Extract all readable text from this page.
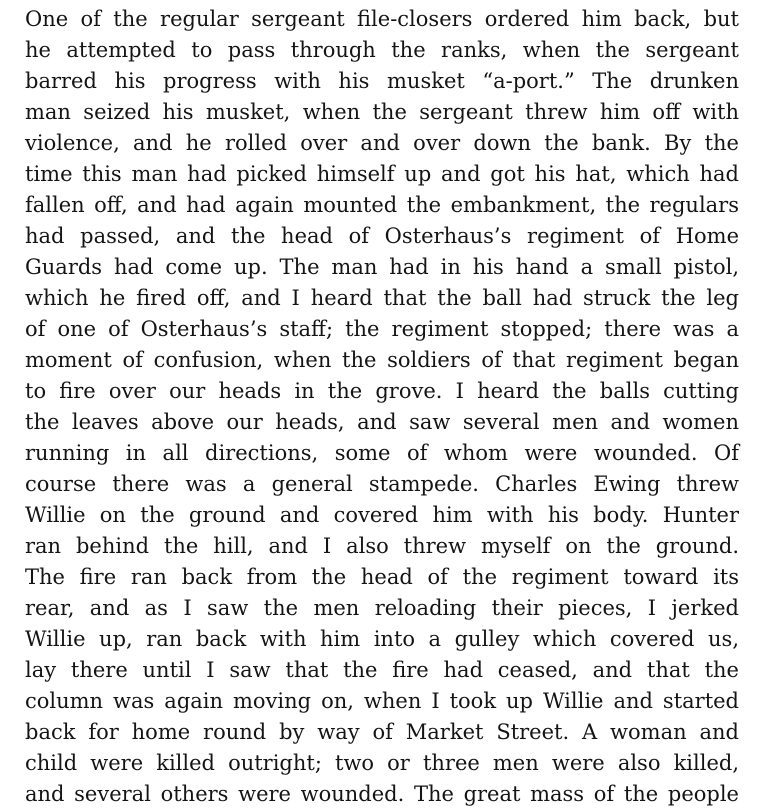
One of the regular sergeant file-closers ordered him back, but
he attempted to pass through the ranks, when the sergeant
barred his progress with his musket “a-port.” The drunken
man seized his musket, when the sergeant threw him off with
violence, and he rolled over and over down the bank. By the
time this man had picked himself up and got his hat, which had
fallen off, and had again mounted the embankment, the regulars
had passed, and the head of Osterhaus’s regiment of Home
Guards had come up. The man had in his hand a small pistol,
which he fired off, and I heard that the ball had struck the leg
of one of Osterhaus’s staff; the regiment stopped; there was a
moment of confusion, when the soldiers of that regiment began
to fire over our heads in the grove. I heard the balls cutting
the leaves above our heads, and saw several men and women
running in all directions, some of whom were wounded. Of
course there was a general stampede. Charles Ewing threw
Willie on the ground and covered him with his body. Hunter
ran behind the hill, and I also threw myself on the ground.
The fire ran back from the head of the regiment toward its
rear, and as I saw the men reloading their pieces, I jerked
Willie up, ran back with him into a gulley which covered us,
lay there until I saw that the fire had ceased, and that the
column was again moving on, when I took up Willie and started
back for home round by way of Market Street. A woman and
child were killed outright; two or three men were also killed,
and several others were wounded. The great mass of the people
